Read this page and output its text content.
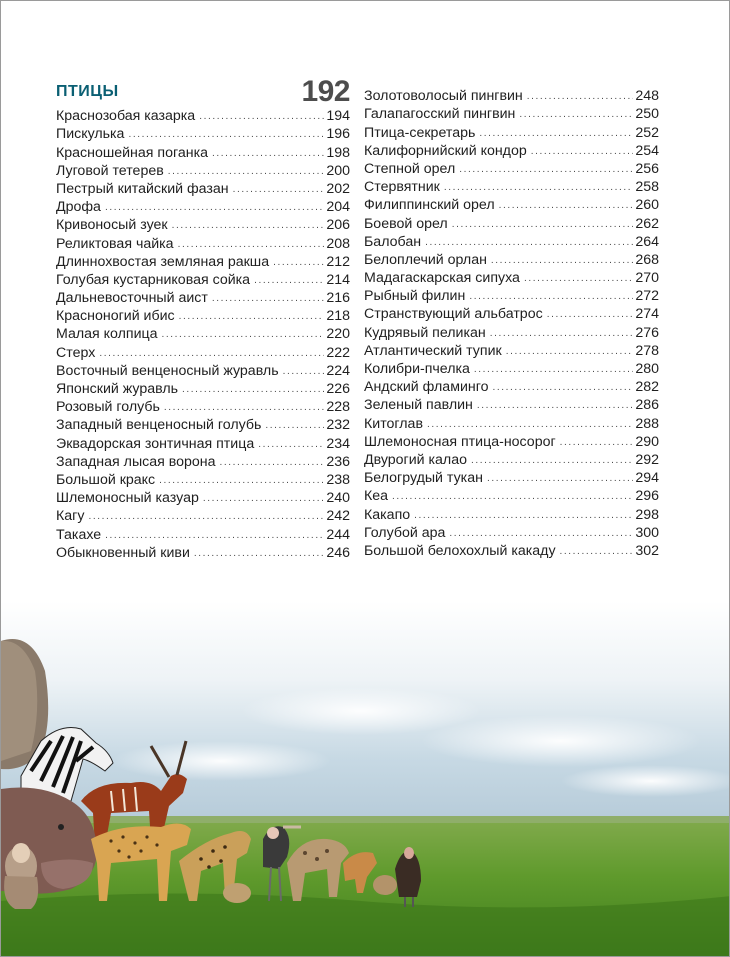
ПТИЦЫ	192
Краснозобая казарка .....	194
Пискулька .....	196
Красношейная поганка .....	198
Луговой тетерев .....	200
Пестрый китайский фазан .....	202
Дрофа .....	204
Кривоносый зуек .....	206
Реликтовая чайка .....	208
Длиннохвостая земляная ракша .....	212
Голубая кустарниковая сойка .....	214
Дальневосточный аист .....	216
Красноногий ибис .....	218
Малая колпица .....	220
Стерх .....	222
Восточный венценосный журавль .....	224
Японский журавль .....	226
Розовый голубь .....	228
Западный венценосный голубь .....	232
Эквадорская зонтичная птица .....	234
Западная лысая ворона .....	236
Большой кракс .....	238
Шлемоносный казуар .....	240
Кагу .....	242
Такахе .....	244
Обыкновенный киви .....	246
Золотоволосый пингвин .....	248
Галапагосский пингвин .....	250
Птица-секретарь .....	252
Калифорнийский кондор .....	254
Степной орел .....	256
Стервятник .....	258
Филиппинский орел .....	260
Боевой орел .....	262
Балобан .....	264
Белоплечий орлан .....	268
Мадагаскарская сипуха .....	270
Рыбный филин .....	272
Странствующий альбатрос .....	274
Кудрявый пеликан .....	276
Атлантический тупик .....	278
Колибри-пчелка .....	280
Андский фламинго .....	282
Зеленый павлин .....	286
Китоглав .....	288
Шлемоносная птица-носорог .....	290
Двурогий калао .....	292
Белогрудый тукан .....	294
Кеа .....	296
Какапо .....	298
Голубой ара .....	300
Большой белохохлый какаду .....	302
